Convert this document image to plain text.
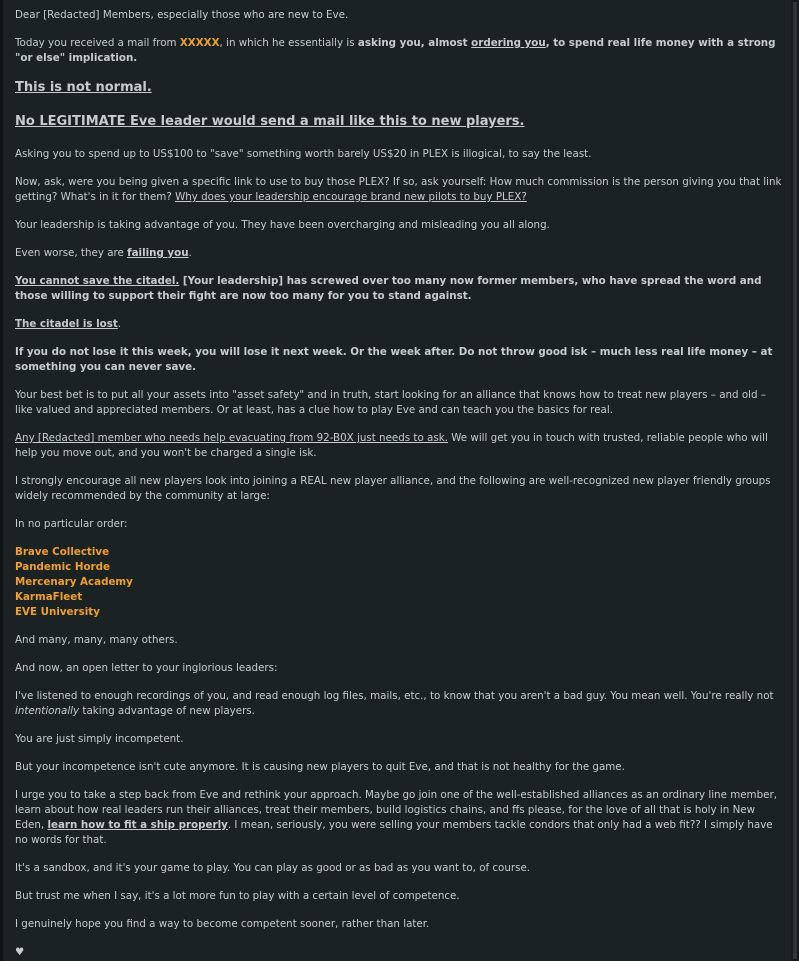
Dear [Redacted] Members, especially those who are new to Eve.

Today you received a mail from XXXXX, in which he essentially is asking you, almost ordering you, to spend real life money with a strong "or else" implication.

This is not normal.

No LEGITIMATE Eve leader would send a mail like this to new players.

Asking you to spend up to US$100 to "save" something worth barely US$20 in PLEX is illogical, to say the least.

Now, ask, were you being given a specific link to use to buy those PLEX? If so, ask yourself: How much commission is the person giving you that link getting? What's in it for them? Why does your leadership encourage brand new pilots to buy PLEX?

Your leadership is taking advantage of you. They have been overcharging and misleading you all along.

Even worse, they are failing you.

You cannot save the citadel. [Your leadership] has screwed over too many now former members, who have spread the word and those willing to support their fight are now too many for you to stand against.

The citadel is lost.

If you do not lose it this week, you will lose it next week. Or the week after. Do not throw good isk – much less real life money – at something you can never save.

Your best bet is to put all your assets into "asset safety" and in truth, start looking for an alliance that knows how to treat new players – and old – like valued and appreciated members. Or at least, has a clue how to play Eve and can teach you the basics for real.

Any [Redacted] member who needs help evacuating from 92-B0X just needs to ask. We will get you in touch with trusted, reliable people who will help you move out, and you won't be charged a single isk.

I strongly encourage all new players look into joining a REAL new player alliance, and the following are well-recognized new player friendly groups widely recommended by the community at large:

In no particular order:

Brave Collective
Pandemic Horde
Mercenary Academy
KarmaFleet
EVE University

And many, many, many others.

And now, an open letter to your inglorious leaders:

I've listened to enough recordings of you, and read enough log files, mails, etc., to know that you aren't a bad guy. You mean well. You're really not intentionally taking advantage of new players.

You are just simply incompetent.

But your incompetence isn't cute anymore. It is causing new players to quit Eve, and that is not healthy for the game.

I urge you to take a step back from Eve and rethink your approach. Maybe go join one of the well-established alliances as an ordinary line member, learn about how real leaders run their alliances, treat their members, build logistics chains, and ffs please, for the love of all that is holy in New Eden, learn how to fit a ship properly. I mean, seriously, you were selling your members tackle condors that only had a web fit?? I simply have no words for that.

It's a sandbox, and it's your game to play. You can play as good or as bad as you want to, of course.

But trust me when I say, it's a lot more fun to play with a certain level of competence.

I genuinely hope you find a way to become competent sooner, rather than later.

♥
